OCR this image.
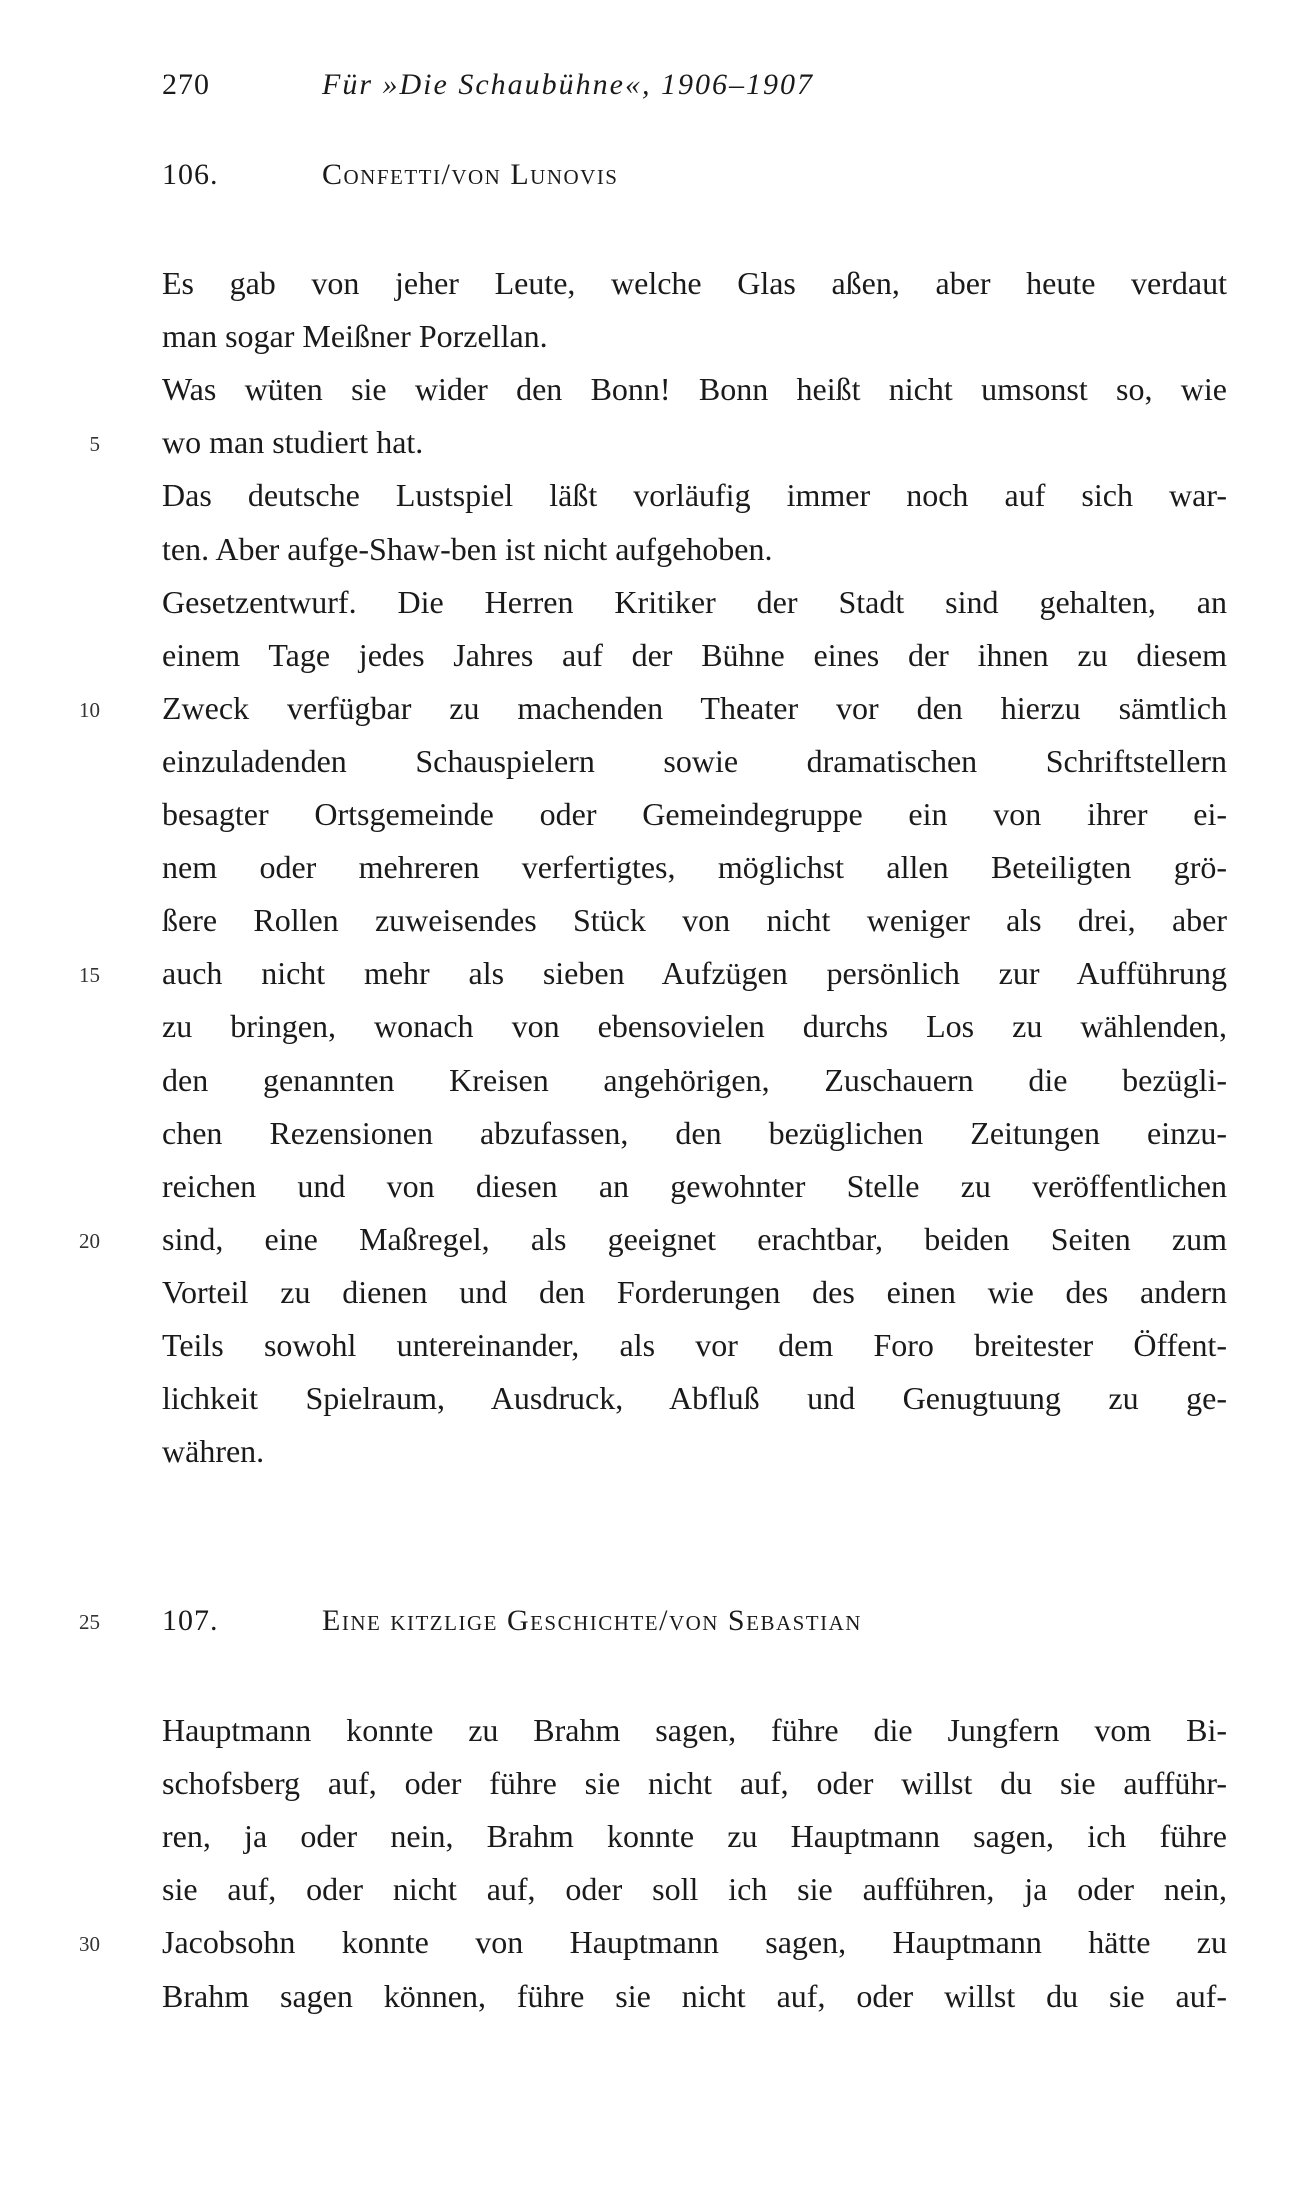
270	Für »Die Schaubühne«, 1906–1907
106.	Confetti/von Lunovis
Es gab von jeher Leute, welche Glas aßen, aber heute verdaut
man sogar Meißner Porzellan.
Was wüten sie wider den Bonn! Bonn heißt nicht umsonst so, wie
wo man studiert hat.
5
Das deutsche Lustspiel läßt vorläufig immer noch auf sich war-
ten. Aber aufge-Shaw-ben ist nicht aufgehoben.
Gesetzentwurf. Die Herren Kritiker der Stadt sind gehalten, an
einem Tage jedes Jahres auf der Bühne eines der ihnen zu diesem
Zweck verfügbar zu machenden Theater vor den hierzu sämtlich
10
einzuladenden Schauspielern sowie dramatischen Schriftstellern
besagter Ortsgemeinde oder Gemeindegruppe ein von ihrer ei-
nem oder mehreren verfertigtes, möglichst allen Beteiligten grö-
ßere Rollen zuweisendes Stück von nicht weniger als drei, aber
auch nicht mehr als sieben Aufzügen persönlich zur Aufführung
15
zu bringen, wonach von ebensovielen durchs Los zu wählenden,
den genannten Kreisen angehörigen, Zuschauern die bezügli-
chen Rezensionen abzufassen, den bezüglichen Zeitungen einzu-
reichen und von diesen an gewohnter Stelle zu veröffentlichen
sind, eine Maßregel, als geeignet erachtbar, beiden Seiten zum
20
Vorteil zu dienen und den Forderungen des einen wie des andern
Teils sowohl untereinander, als vor dem Foro breitester Öffent-
lichkeit Spielraum, Ausdruck, Abfluß und Genugtuung zu ge-
währen.
25 107.	Eine kitzlige Geschichte/von Sebastian
Hauptmann konnte zu Brahm sagen, führe die Jungfern vom Bi-
schofsberg auf, oder führe sie nicht auf, oder willst du sie aufführ-
ren, ja oder nein, Brahm konnte zu Hauptmann sagen, ich führe
sie auf, oder nicht auf, oder soll ich sie aufführen, ja oder nein,
Jacobsohn konnte von Hauptmann sagen, Hauptmann hätte zu
30
Brahm sagen können, führe sie nicht auf, oder willst du sie auf-
